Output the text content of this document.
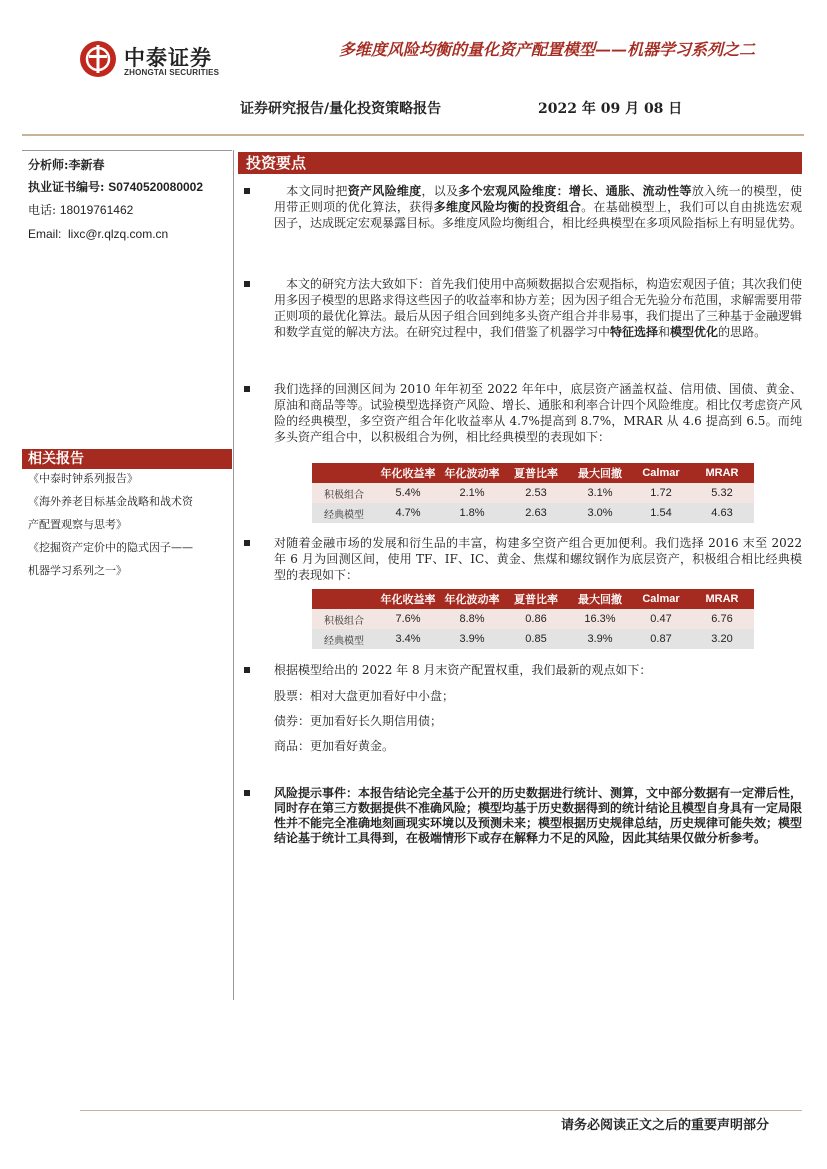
中泰证券
ZHONGTAI SECURITIES
多维度风险均衡的量化资产配置模型——机器学习系列之二
证券研究报告/量化投资策略报告	2022 年 09 月 08 日
分析师:李新春
执业证书编号: S0740520080002
电话: 18019761462
Email: lixc@r.qlzq.com.cn
相关报告
《中泰时钟系列报告》
《海外养老目标基金战略和战术资
产配置观察与思考》
《挖掘资产定价中的隐式因子——
机器学习系列之一》
投资要点
 本文同时把资产风险维度，以及多个宏观风险维度：增长、通胀、流动性等放入统一的模型，使用带正则项的优化算法，获得多维度风险均衡的投资组合。在基础模型上，我们可以自由挑选宏观因子，达成既定宏观暴露目标。多维度风险均衡组合，相比经典模型在多项风险指标上有明显优势。
 本文的研究方法大致如下：首先我们使用中高频数据拟合宏观指标，构造宏观因子值；其次我们使用多因子模型的思路求得这些因子的收益率和协方差；因为因子组合无先验分布范围，求解需要用带正则项的最优化算法。最后从因子组合回到纯多头资产组合并非易事，我们提出了三种基于金融逻辑和数学直觉的解决方法。在研究过程中，我们借鉴了机器学习中特征选择和模型优化的思路。
我们选择的回测区间为 2010 年年初至 2022 年年中，底层资产涵盖权益、信用债、国债、黄金、原油和商品等等。试验模型选择资产风险、增长、通胀和利率合计四个风险维度。相比仅考虑资产风险的经典模型，多空资产组合年化收益率从 4.7%提高到 8.7%，MRAR 从 4.6 提高到 6.5。而纯多头资产组合中，以积极组合为例，相比经典模型的表现如下：
	年化收益率	年化波动率	夏普比率	最大回撤	Calmar	MRAR
积极组合	5.4%	2.1%	2.53	3.1%	1.72	5.32
经典模型	4.7%	1.8%	2.63	3.0%	1.54	4.63
对随着金融市场的发展和衍生品的丰富，构建多空资产组合更加便利。我们选择 2016 末至 2022 年 6 月为回测区间，使用 TF、IF、IC、黄金、焦煤和螺纹钢作为底层资产，积极组合相比经典模型的表现如下：
	年化收益率	年化波动率	夏普比率	最大回撤	Calmar	MRAR
积极组合	7.6%	8.8%	0.86	16.3%	0.47	6.76
经典模型	3.4%	3.9%	0.85	3.9%	0.87	3.20
根据模型给出的 2022 年 8 月末资产配置权重，我们最新的观点如下：
股票：相对大盘更加看好中小盘；
债券：更加看好长久期信用债；
商品：更加看好黄金。
风险提示事件：本报告结论完全基于公开的历史数据进行统计、测算，文中部分数据有一定滞后性，同时存在第三方数据提供不准确风险；模型均基于历史数据得到的统计结论且模型自身具有一定局限性并不能完全准确地刻画现实环境以及预测未来；模型根据历史规律总结，历史规律可能失效；模型结论基于统计工具得到，在极端情形下或存在解释力不足的风险，因此其结果仅做分析参考。
请务必阅读正文之后的重要声明部分
